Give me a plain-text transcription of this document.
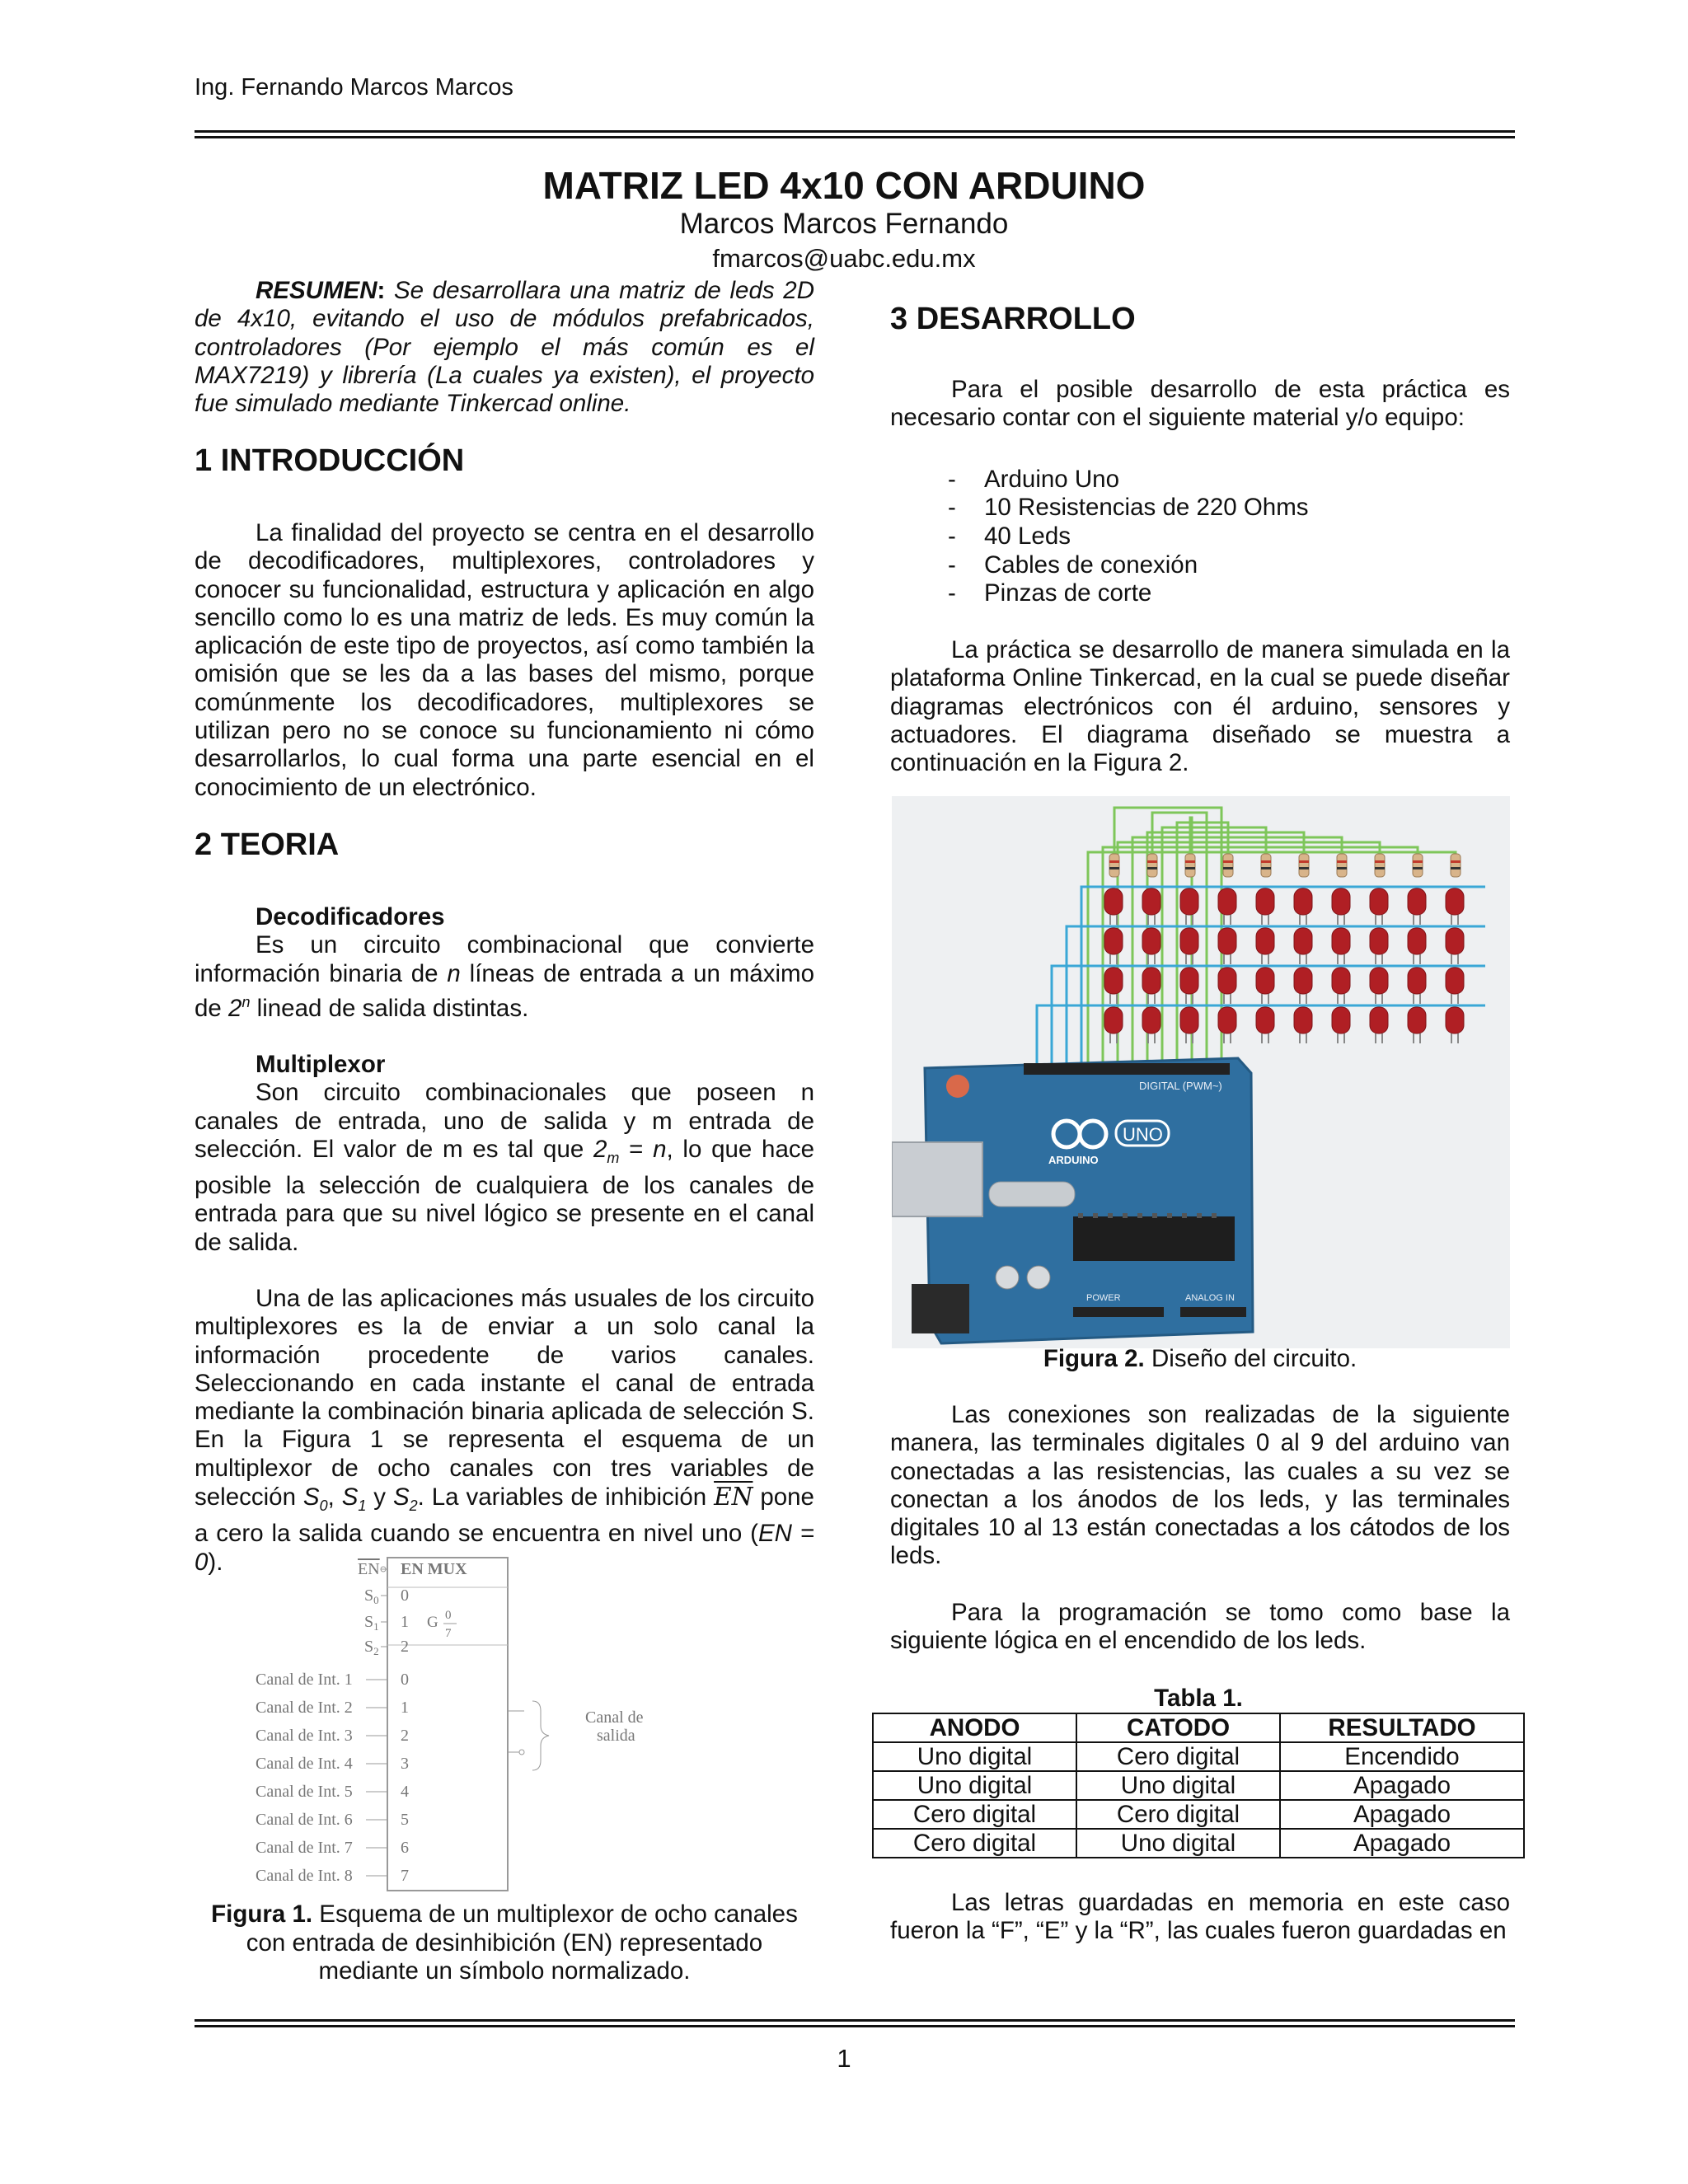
Ing. Fernando Marcos Marcos
MATRIZ LED 4x10 CON ARDUINO
Marcos Marcos Fernando
fmarcos@uabc.edu.mx

RESUMEN: Se desarrollara una matriz de leds 2D de 4x10, evitando el uso de módulos prefabricados, controladores (Por ejemplo el más común es el MAX7219) y librería (La cuales ya existen), el proyecto fue simulado mediante Tinkercad online.

1 INTRODUCCIÓN

La finalidad del proyecto se centra en el desarrollo de decodificadores, multiplexores, controladores y conocer su funcionalidad, estructura y aplicación en algo sencillo como lo es una matriz de leds. Es muy común la aplicación de este tipo de proyectos, así como también la omisión que se les da a las bases del mismo, porque comúnmente los decodificadores, multiplexores se utilizan pero no se conoce su funcionamiento ni cómo desarrollarlos, lo cual forma una parte esencial en el conocimiento de un electrónico.

2 TEORIA
Decodificadores

Es un circuito combinacional que convierte información binaria de n líneas de entrada a un máximo de 2$^n$ linead de salida distintas.

Multiplexor

Son circuito combinacionales que poseen n canales de entrada, uno de salida y m entrada de selección. El valor de m es tal que $2_m = n$, lo que hace posible la selección de cualquiera de los canales de entrada para que su nivel lógico se presente en el canal de salida.

Una de las aplicaciones más usuales de los circuito multiplexores es la de enviar a un solo canal la información procedente de varios canales. Seleccionando en cada instante el canal de entrada mediante la combinación binaria aplicada de selección S. En la Figura 1 se representa el esquema de un multiplexor de ocho canales con tres variables de selección $S_0$, $S_1$ y $S_2$. La variables de inhibición $\overline{EN}$ pone a cero la salida cuando se encuentra en nivel uno (EN = 0).	EN EN MUX
$S_0$ 0
$S_1$ 1
$S_2$ 2
G 0
7
Canal de Int. 1
Canal de Int. 2
Canal de Int. 3
Canal de Int. 4
Canal de Int. 5
Canal de Int. 6
Canal de Int. 7
Canal de Int. 8
0
1
2
3
4
5
6
7
Canal de
salida
Figura 1. Esquema de un multiplexor de ocho canales con entrada de desinhibición (EN) representado mediante un símbolo normalizado.
3 DESARROLLO

Para el posible desarrollo de esta práctica es necesario contar con el siguiente material y/o equipo:

- Arduino Uno
- 10 Resistencias de 220 Ohms
- 40 Leds
- Cables de conexión
- Pinzas de corte

La práctica se desarrollo de manera simulada en la plataforma Online Tinkercad, en la cual se puede diseñar diagramas electrónicos con él arduino, sensores y actuadores. El diagrama diseñado se muestra a continuación en la Figura 2.

DIGITAL (PWM~)
ARDUINO
UNO
POWER	ANALOG IN
Figura 2. Diseño del circuito.

Las conexiones son realizadas de la siguiente manera, las terminales digitales 0 al 9 del arduino van conectadas a las resistencias, las cuales a su vez se conectan a los ánodos de los leds, y las terminales digitales 10 al 13 están conectadas a los cátodos de los leds.

Para la programación se tomo como base la siguiente lógica en el encendido de los leds.

Tabla 1.
ANODO	CATODO	RESULTADO
Uno digital	Cero digital	Encendido
Uno digital	Uno digital	Apagado
Cero digital	Cero digital	Apagado
Cero digital	Uno digital	Apagado

Las letras guardadas en memoria en este caso fueron la “F”, “E” y la “R”, las cuales fueron guardadas en

1
